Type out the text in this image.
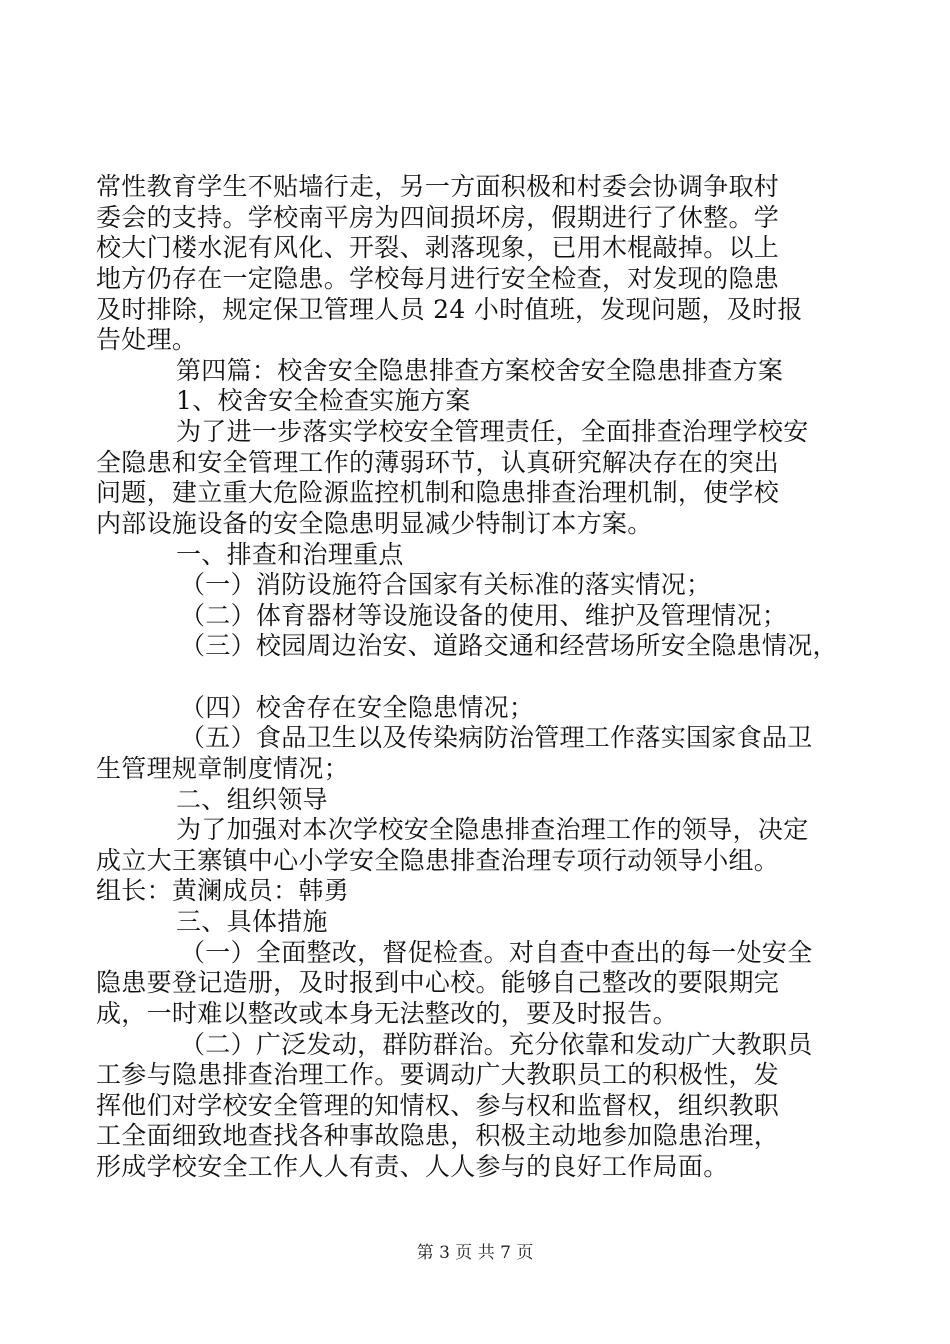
常性教育学生不贴墙行走，另一方面积极和村委会协调争取村
委会的支持。学校南平房为四间损坏房，假期进行了休整。学
校大门楼水泥有风化、开裂、剥落现象，已用木棍敲掉。以上
地方仍存在一定隐患。学校每月进行安全检查，对发现的隐患
及时排除，规定保卫管理人员 24 小时值班，发现问题，及时报
告处理。
第四篇：校舍安全隐患排查方案校舍安全隐患排查方案
1、校舍安全检查实施方案
为了进一步落实学校安全管理责任，全面排查治理学校安
全隐患和安全管理工作的薄弱环节，认真研究解决存在的突出
问题，建立重大危险源监控机制和隐患排查治理机制，使学校
内部设施设备的安全隐患明显减少特制订本方案。
一、排查和治理重点
（一）消防设施符合国家有关标准的落实情况；
（二）体育器材等设施设备的使用、维护及管理情况；
（三）校园周边治安、道路交通和经营场所安全隐患情况，
（四）校舍存在安全隐患情况；
（五）食品卫生以及传染病防治管理工作落实国家食品卫
生管理规章制度情况；
二、组织领导
为了加强对本次学校安全隐患排查治理工作的领导，决定
成立大王寨镇中心小学安全隐患排查治理专项行动领导小组。
组长：黄澜成员：韩勇
三、具体措施
（一）全面整改，督促检查。对自查中查出的每一处安全
隐患要登记造册，及时报到中心校。能够自己整改的要限期完
成，一时难以整改或本身无法整改的，要及时报告。
（二）广泛发动，群防群治。充分依靠和发动广大教职员
工参与隐患排查治理工作。要调动广大教职员工的积极性，发
挥他们对学校安全管理的知情权、参与权和监督权，组织教职
工全面细致地查找各种事故隐患，积极主动地参加隐患治理，
形成学校安全工作人人有责、人人参与的良好工作局面。
第 3 页 共 7 页
